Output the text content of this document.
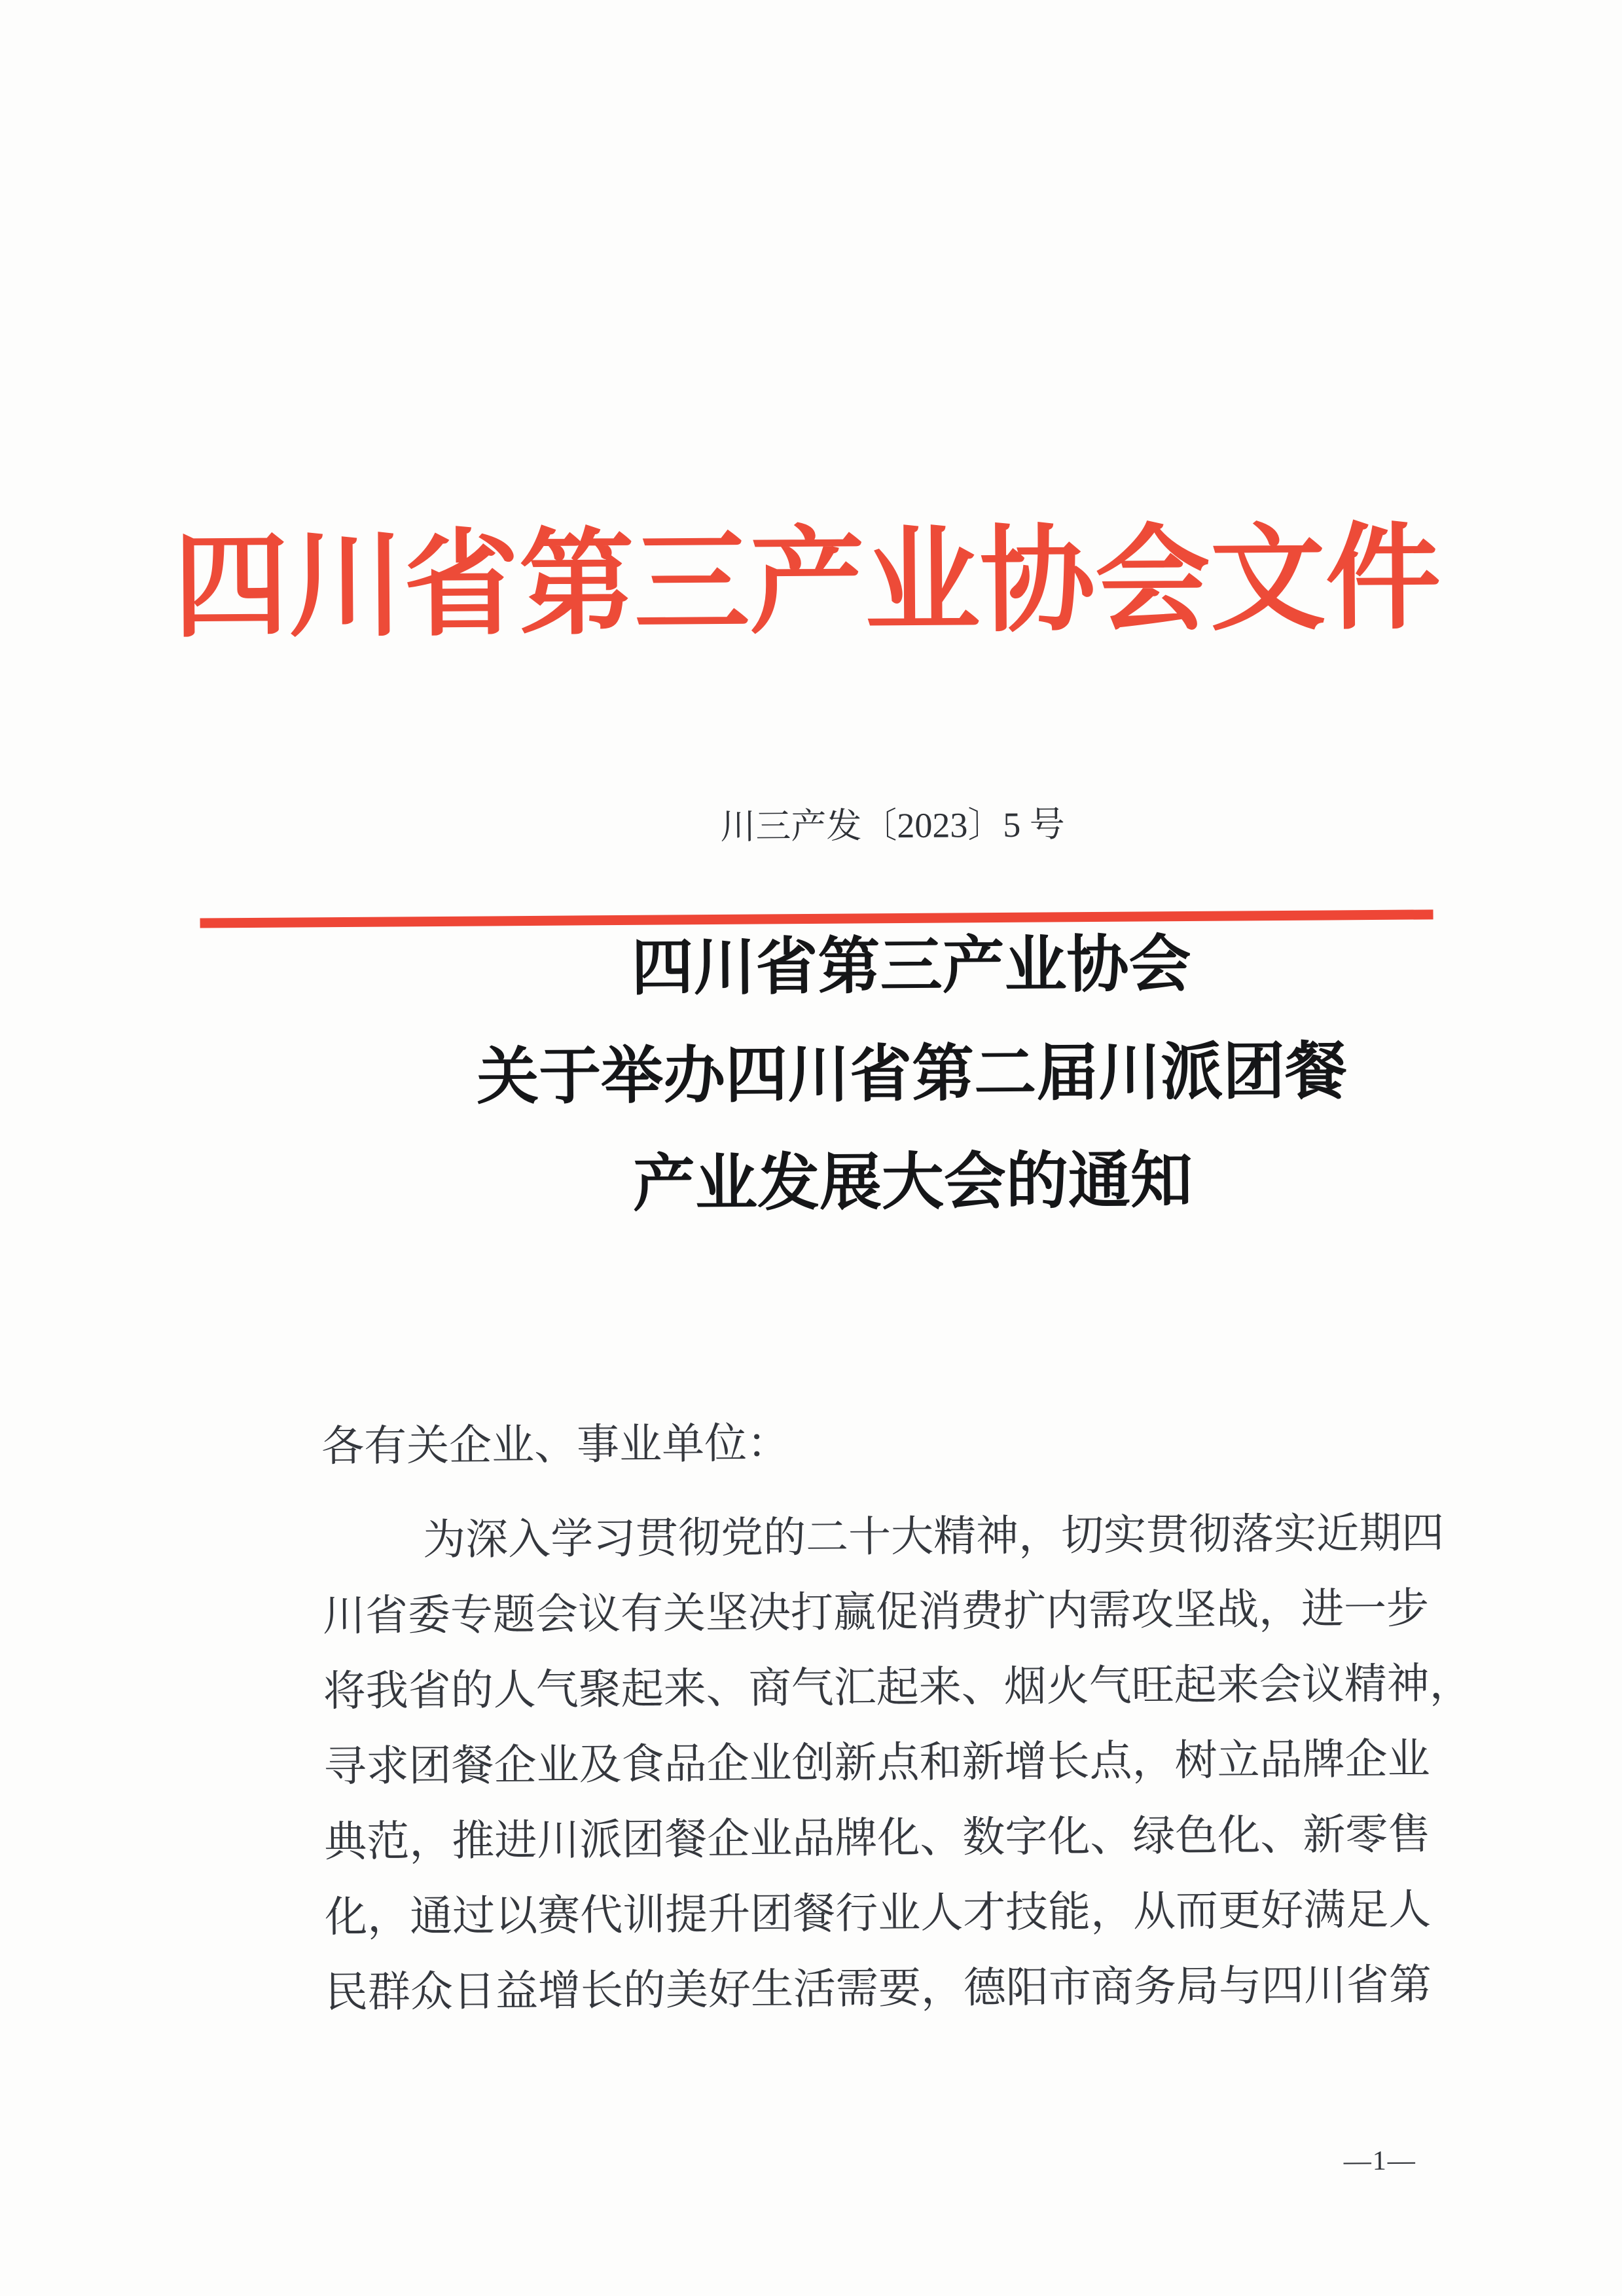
四川省第三产业协会文件
川三产发〔2023〕5 号
四川省第三产业协会
关于举办四川省第二届川派团餐
产业发展大会的通知
各有关企业、事业单位：
为深入学习贯彻党的二十大精神，切实贯彻落实近期四
川省委专题会议有关坚决打赢促消费扩内需攻坚战，进一步
将我省的人气聚起来、商气汇起来、烟火气旺起来会议精神，
寻求团餐企业及食品企业创新点和新增长点，树立品牌企业
典范，推进川派团餐企业品牌化、数字化、绿色化、新零售
化，通过以赛代训提升团餐行业人才技能，从而更好满足人
民群众日益增长的美好生活需要，德阳市商务局与四川省第
—1—
